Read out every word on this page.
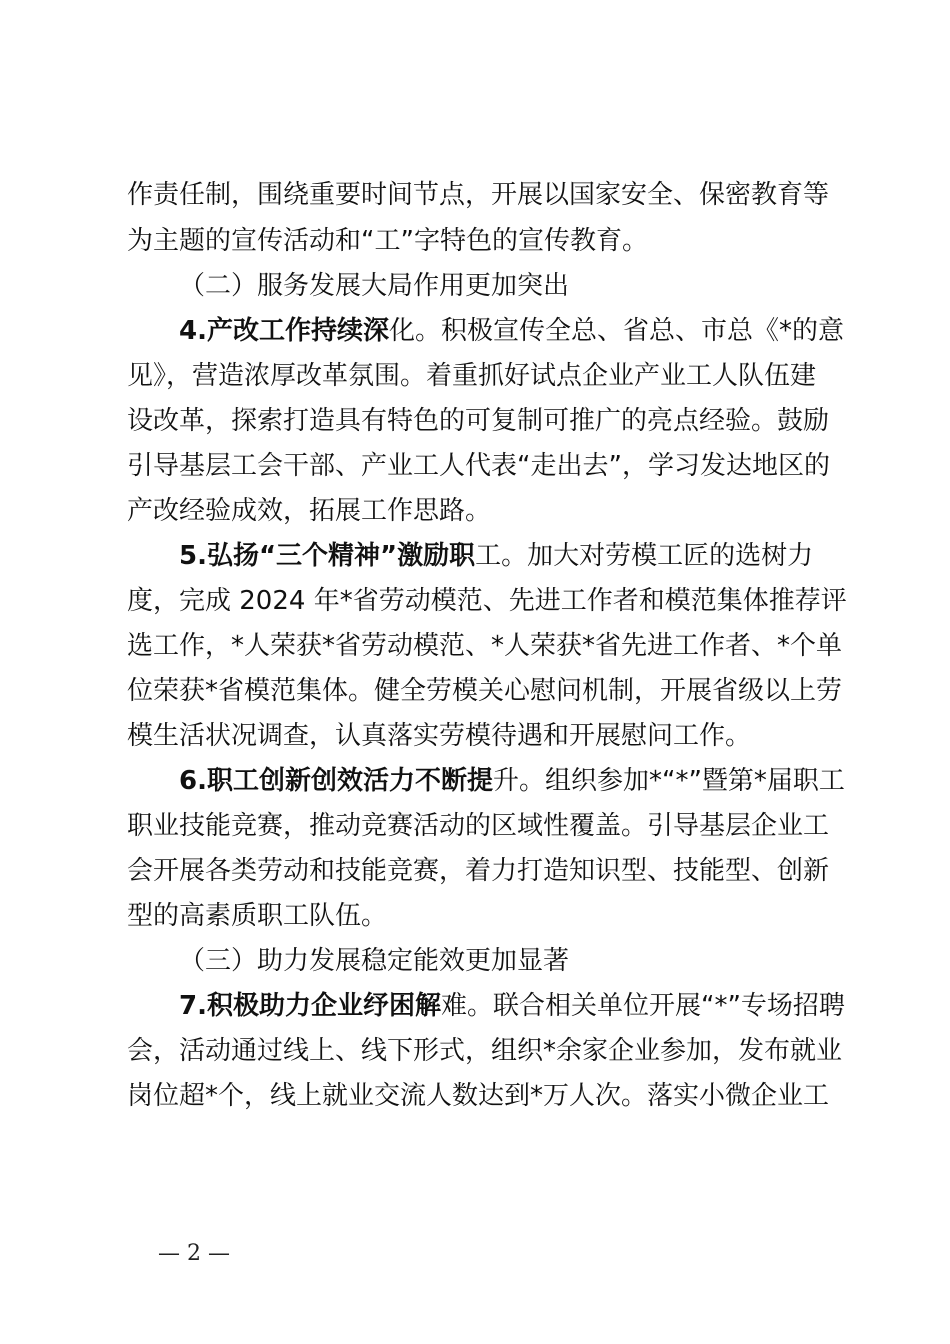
作责任制，围绕重要时间节点，开展以国家安全、保密教育等
为主题的宣传活动和“工”字特色的宣传教育。
（二）服务发展大局作用更加突出
4.产改工作持续深化。积极宣传全总、省总、市总《*的意
见》，营造浓厚改革氛围。着重抓好试点企业产业工人队伍建
设改革，探索打造具有特色的可复制可推广的亮点经验。鼓励
引导基层工会干部、产业工人代表“走出去”，学习发达地区的
产改经验成效，拓展工作思路。
5.弘扬“三个精神”激励职工。加大对劳模工匠的选树力
度，完成 2024 年*省劳动模范、先进工作者和模范集体推荐评
选工作，*人荣获*省劳动模范、*人荣获*省先进工作者、*个单
位荣获*省模范集体。健全劳模关心慰问机制，开展省级以上劳
模生活状况调查，认真落实劳模待遇和开展慰问工作。
6.职工创新创效活力不断提升。组织参加*“*”暨第*届职工
职业技能竞赛，推动竞赛活动的区域性覆盖。引导基层企业工
会开展各类劳动和技能竞赛，着力打造知识型、技能型、创新
型的高素质职工队伍。
（三）助力发展稳定能效更加显著
7.积极助力企业纾困解难。联合相关单位开展“*”专场招聘
会，活动通过线上、线下形式，组织*余家企业参加，发布就业
岗位超*个，线上就业交流人数达到*万人次。落实小微企业工
— 2 —
